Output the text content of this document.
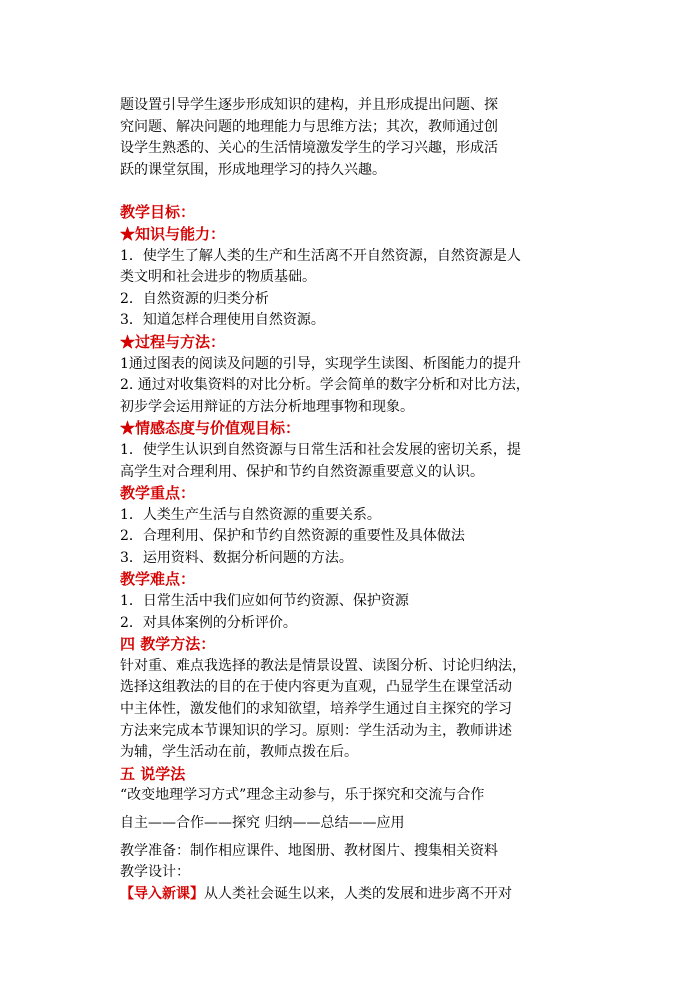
题设置引导学生逐步形成知识的建构，并且形成提出问题、探

究问题、解决问题的地理能力与思维方法；其次，教师通过创

设学生熟悉的、关心的生活情境激发学生的学习兴趣，形成活

跃的课堂氛围，形成地理学习的持久兴趣。

教学目标：

★知识与能力：

1．使学生了解人类的生产和生活离不开自然资源，自然资源是人

类文明和社会进步的物质基础。

2．自然资源的归类分析

3．知道怎样合理使用自然资源。

★过程与方法：

1通过图表的阅读及问题的引导，实现学生读图、析图能力的提升

2. 通过对收集资料的对比分析。学会简单的数字分析和对比方法，

初步学会运用辩证的方法分析地理事物和现象。

★情感态度与价值观目标：

1．使学生认识到自然资源与日常生活和社会发展的密切关系，提

高学生对合理利用、保护和节约自然资源重要意义的认识。

教学重点：

1．人类生产生活与自然资源的重要关系。

2．合理利用、保护和节约自然资源的重要性及具体做法

3．运用资料、数据分析问题的方法。

教学难点：

1．日常生活中我们应如何节约资源、保护资源

2．对具体案例的分析评价。

四 教学方法：

针对重、难点我选择的教法是情景设置、读图分析、讨论归纳法，

选择这组教法的目的在于使内容更为直观，凸显学生在课堂活动

中主体性，激发他们的求知欲望，培养学生通过自主探究的学习

方法来完成本节课知识的学习。原则：学生活动为主，教师讲述

为辅，学生活动在前，教师点拨在后。

五 说学法

“改变地理学习方式”理念主动参与，乐于探究和交流与合作

自主——合作——探究 归纳——总结——应用

教学准备：制作相应课件、地图册、教材图片、搜集相关资料

教学设计：

【导入新课】从人类社会诞生以来，人类的发展和进步离不开对
